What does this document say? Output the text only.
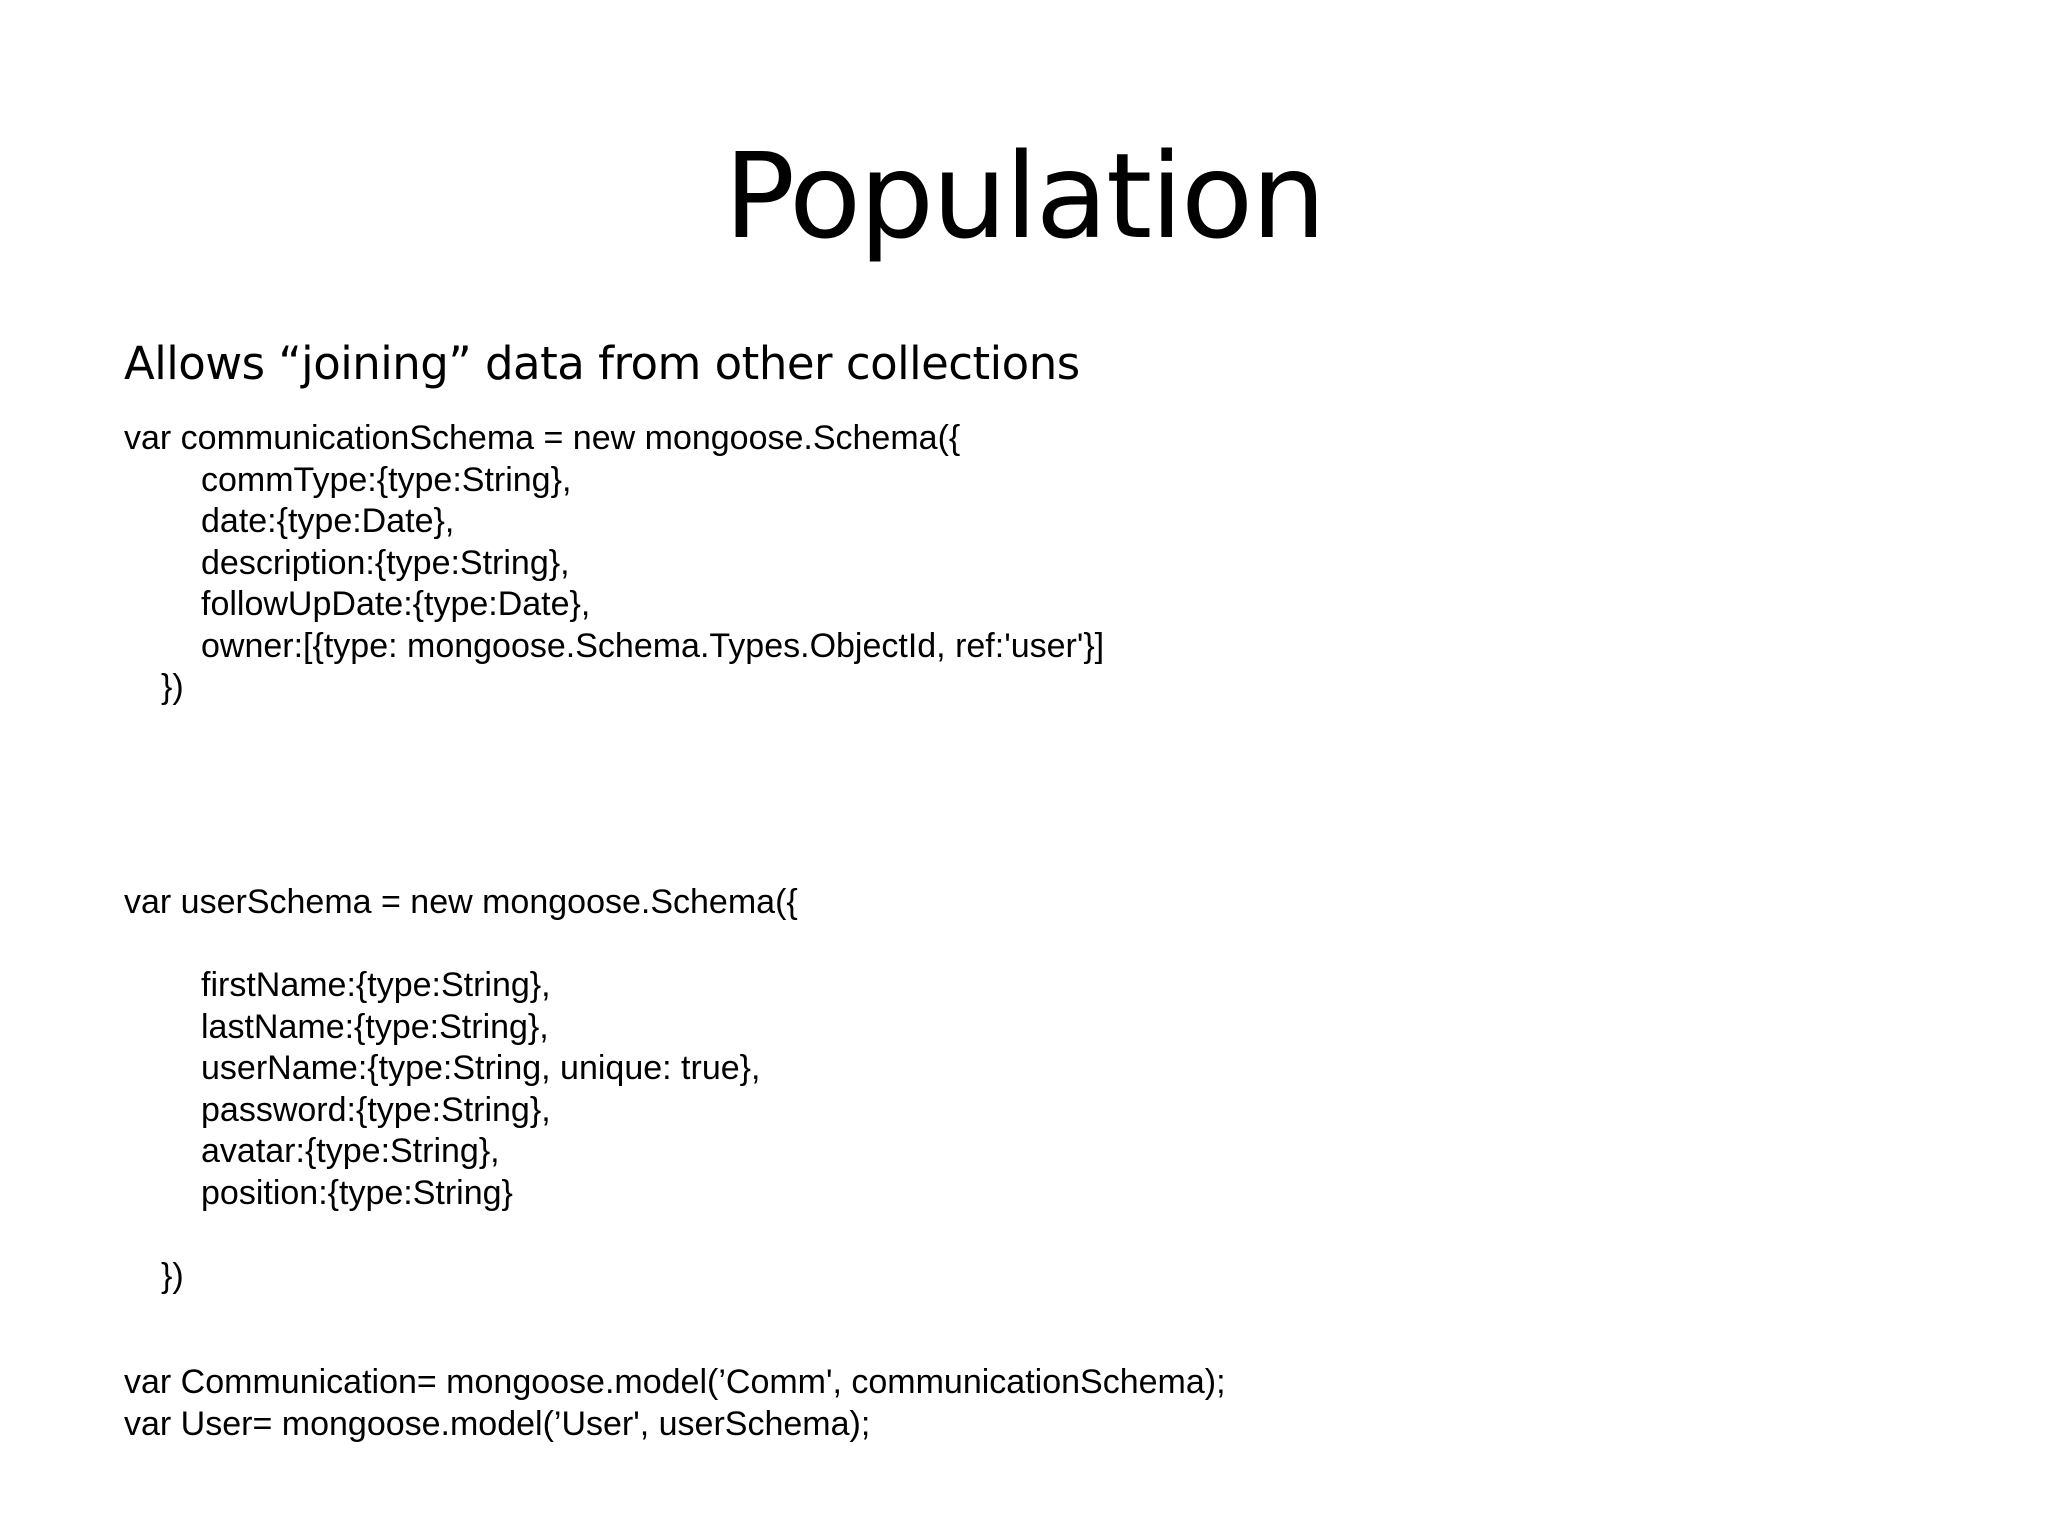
Population
Allows “joining” data from other collections
var communicationSchema = new mongoose.Schema({
commType:{type:String},
date:{type:Date},
description:{type:String},
followUpDate:{type:Date},
owner:[{type: mongoose.Schema.Types.ObjectId, ref:'user'}]
})
var userSchema = new mongoose.Schema({
firstName:{type:String},
lastName:{type:String},
userName:{type:String, unique: true},
password:{type:String},
avatar:{type:String},
position:{type:String}
})
var Communication= mongoose.model(’Comm', communicationSchema);
var User= mongoose.model(’User', userSchema);
